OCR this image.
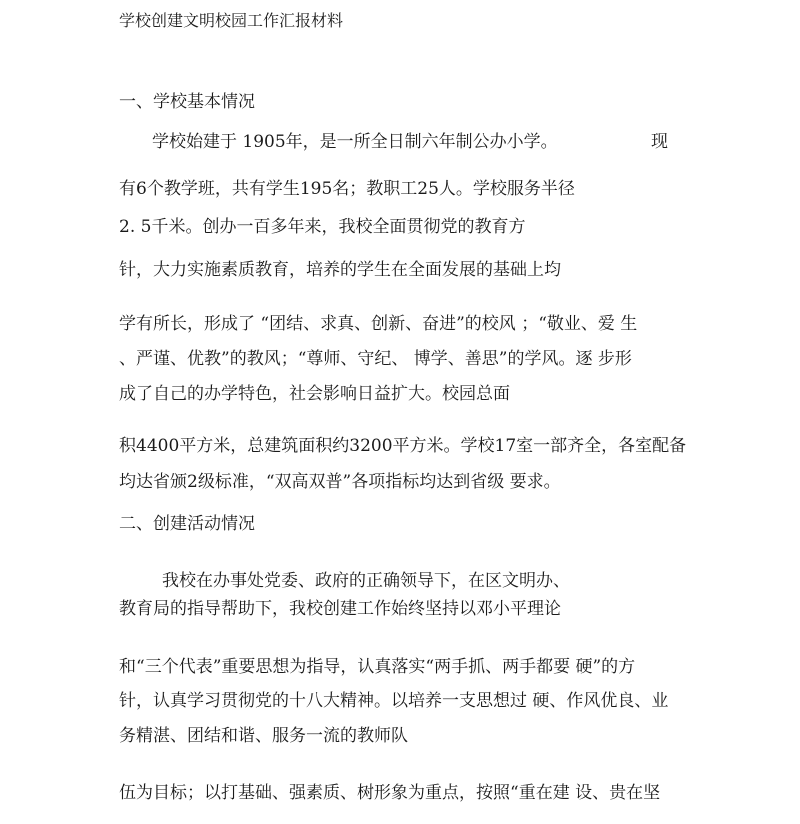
学校创建文明校园工作汇报材料
一、学校基本情况
学校始建于 1905年，是一所全日制六年制公办小学。	现
有6个教学班，共有学生195名；教职工25人。学校服务半径
2. 5千米。创办一百多年来，我校全面贯彻党的教育方
针，大力实施素质教育，培养的学生在全面发展的基础上均
学有所长，形成了 “团结、求真、创新、奋进”的校风 ；“敬业、爱 生
、严谨、优教”的教风；“尊师、守纪、 博学、善思”的学风。逐 步形
成了自己的办学特色，社会影响日益扩大。校园总面
积4400平方米，总建筑面积约3200平方米。学校17室一部齐全，各室配备
均达省颁2级标准，“双高双普”各项指标均达到省级 要求。
二、创建活动情况
我校在办事处党委、政府的正确领导下，在区文明办、
教育局的指导帮助下，我校创建工作始终坚持以邓小平理论
和“三个代表”重要思想为指导，认真落实“两手抓、两手都要 硬”的方
针，认真学习贯彻党的十八大精神。以培养一支思想过 硬、作风优良、业
务精湛、团结和谐、服务一流的教师队
伍为目标；以打基础、强素质、树形象为重点，按照“重在建 设、贵在坚
